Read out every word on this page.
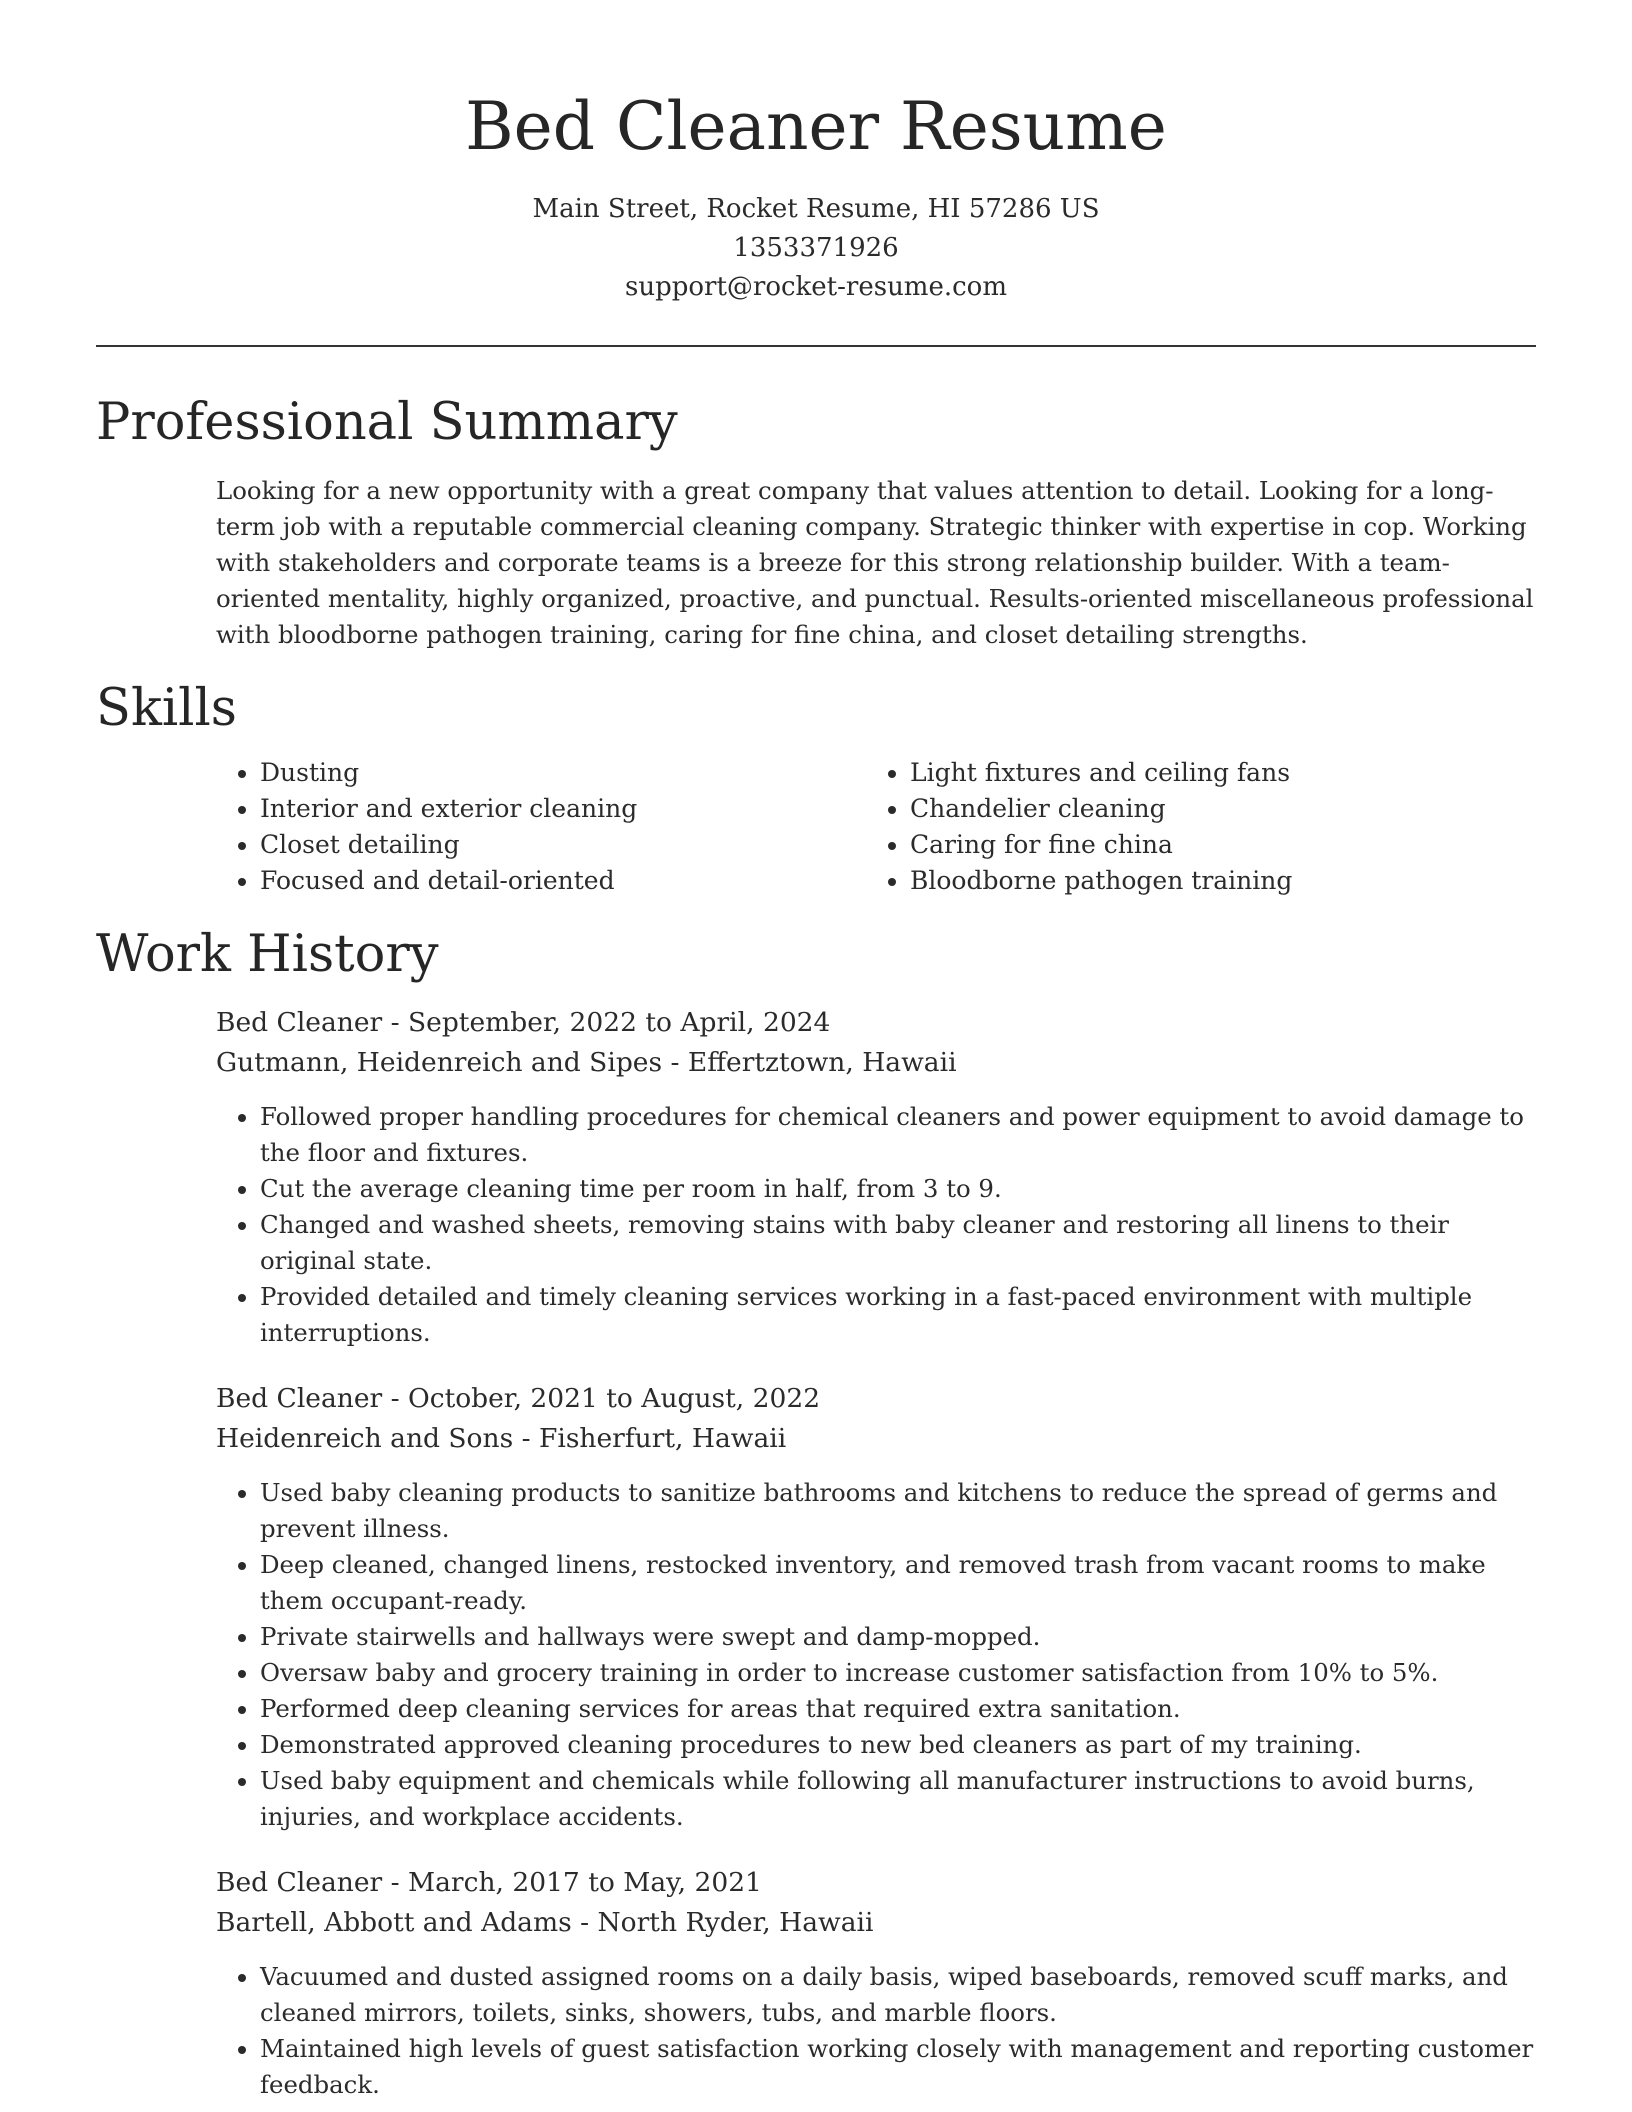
Bed Cleaner Resume
Main Street, Rocket Resume, HI 57286 US
1353371926
support@rocket-resume.com
Professional Summary

Looking for a new opportunity with a great company that values attention to detail. Looking for a long-term job with a reputable commercial cleaning company. Strategic thinker with expertise in cop. Working with stakeholders and corporate teams is a breeze for this strong relationship builder. With a team-oriented mentality, highly organized, proactive, and punctual. Results-oriented miscellaneous professional with bloodborne pathogen training, caring for fine china, and closet detailing strengths.

Skills
• Dusting
• Interior and exterior cleaning
• Closet detailing
• Focused and detail-oriented
• Light fixtures and ceiling fans
• Chandelier cleaning
• Caring for fine china
• Bloodborne pathogen training
Work History
Bed Cleaner - September, 2022 to April, 2024
Gutmann, Heidenreich and Sipes - Effertztown, Hawaii
• Followed proper handling procedures for chemical cleaners and power equipment to avoid damage to the floor and fixtures.
• Cut the average cleaning time per room in half, from 3 to 9.
• Changed and washed sheets, removing stains with baby cleaner and restoring all linens to their original state.
• Provided detailed and timely cleaning services working in a fast-paced environment with multiple interruptions.
Bed Cleaner - October, 2021 to August, 2022
Heidenreich and Sons - Fisherfurt, Hawaii
• Used baby cleaning products to sanitize bathrooms and kitchens to reduce the spread of germs and prevent illness.
• Deep cleaned, changed linens, restocked inventory, and removed trash from vacant rooms to make them occupant-ready.
• Private stairwells and hallways were swept and damp-mopped.
• Oversaw baby and grocery training in order to increase customer satisfaction from 10% to 5%.
• Performed deep cleaning services for areas that required extra sanitation.
• Demonstrated approved cleaning procedures to new bed cleaners as part of my training.
• Used baby equipment and chemicals while following all manufacturer instructions to avoid burns, injuries, and workplace accidents.
Bed Cleaner - March, 2017 to May, 2021
Bartell, Abbott and Adams - North Ryder, Hawaii
• Vacuumed and dusted assigned rooms on a daily basis, wiped baseboards, removed scuff marks, and cleaned mirrors, toilets, sinks, showers, tubs, and marble floors.
• Maintained high levels of guest satisfaction working closely with management and reporting customer feedback.
